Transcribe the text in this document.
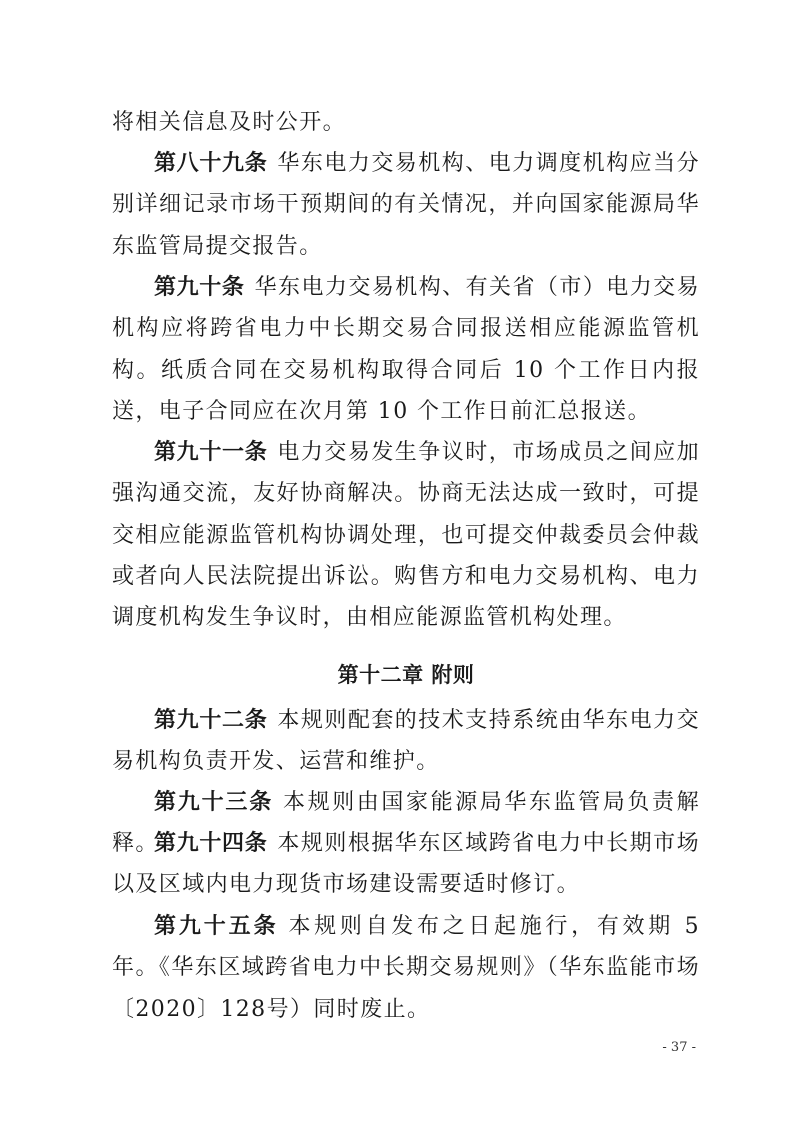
将相关信息及时公开。

第八十九条 华东电力交易机构、电力调度机构应当分别详细记录市场干预期间的有关情况，并向国家能源局华东监管局提交报告。

第九十条 华东电力交易机构、有关省（市）电力交易机构应将跨省电力中长期交易合同报送相应能源监管机构。纸质合同在交易机构取得合同后 10 个工作日内报送，电子合同应在次月第 10 个工作日前汇总报送。

第九十一条 电力交易发生争议时，市场成员之间应加强沟通交流，友好协商解决。协商无法达成一致时，可提交相应能源监管机构协调处理，也可提交仲裁委员会仲裁或者向人民法院提出诉讼。购售方和电力交易机构、电力调度机构发生争议时，由相应能源监管机构处理。

第十二章 附则

第九十二条 本规则配套的技术支持系统由华东电力交易机构负责开发、运营和维护。

第九十三条 本规则由国家能源局华东监管局负责解释。

第九十四条 本规则根据华东区域跨省电力中长期市场以及区域内电力现货市场建设需要适时修订。

第九十五条 本规则自发布之日起施行，有效期 5 年。《华东区域跨省电力中长期交易规则》（华东监能市场〔2020〕128号）同时废止。

- 37 -
